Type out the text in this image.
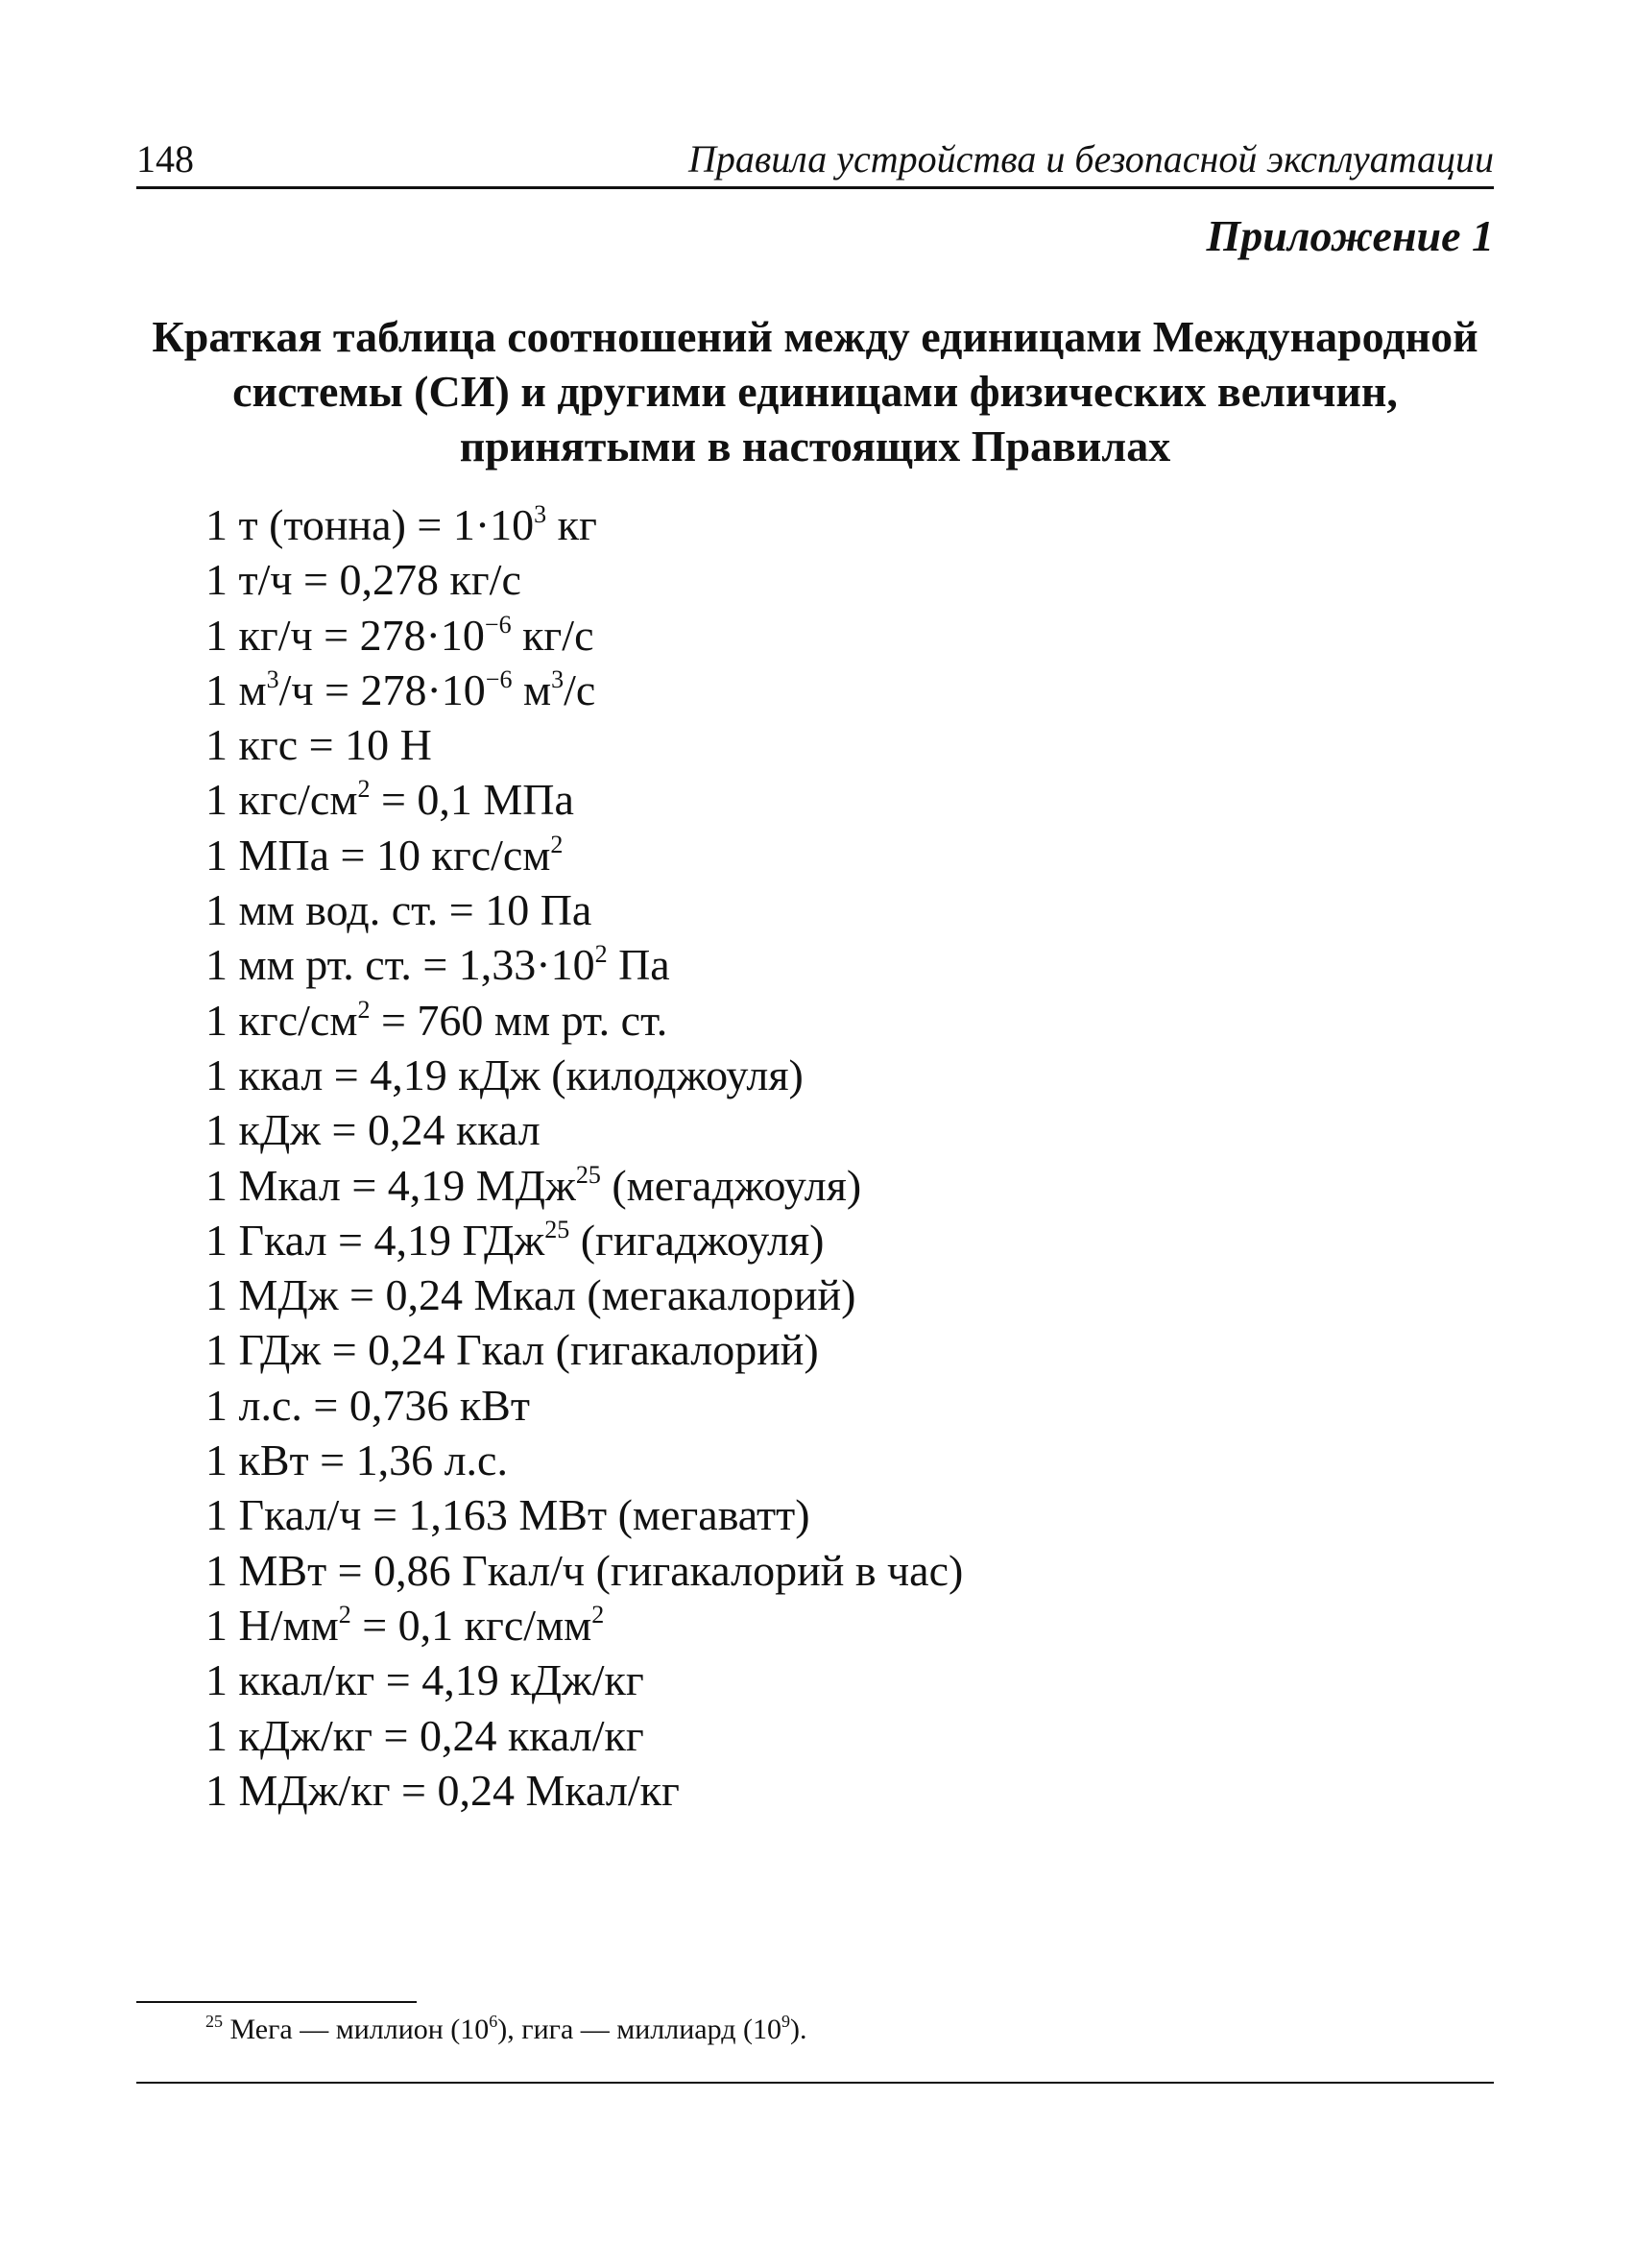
148	Правила устройства и безопасной эксплуатации
Приложение 1
Краткая таблица соотношений между единицами Международной
системы (СИ) и другими единицами физических величин,
принятыми в настоящих Правилах
1 т (тонна) = $1\cdot 10^3$ кг
1 т/ч = 0,278 кг/с
1 $кг/ч = 278\cdot 10^{-6}$ кг/с
1 $м^3/ч = 278\cdot 10^{-6}$ $м^3/с$
1 кгс = 10 Н
1 кгс/$см^2 = 0,1$ МПа
1 МПа = 10 кгс/$см^2$
1 мм вод. ст. = 10 Па
1 мм рт. ст. = $1,33\cdot 10^2$ Па
1 кгс/$см^2 = 760$ мм рт. ст.
1 ккал = 4,19 кДж (килоджоуля)
1 кДж = 0,24 ккал
1 Мкал = 4,19 МДж$^{25}$ (мегаджоуля)
1 Гкал = 4,19 ГДж$^{25}$ (гигаджоуля)
1 МДж = 0,24 Мкал (мегакалорий)
1 ГДж = 0,24 Гкал (гигакалорий)
1 л.с. = 0,736 кВт
1 кВт = 1,36 л.с.
1 Гкал/ч = 1,163 МВт (мегаватт)
1 МВт = 0,86 Гкал/ч (гигакалорий в час)
1 $Н/мм^2 = 0,1$ кгс/$мм^2$
1 ккал/кг = 4,19 кДж/кг
1 кДж/кг = 0,24 ккал/кг
1 МДж/кг = 0,24 Мкал/кг
$^{25}$ Мега — миллион $(10^6)$, гига — миллиард $(10^9)$.
